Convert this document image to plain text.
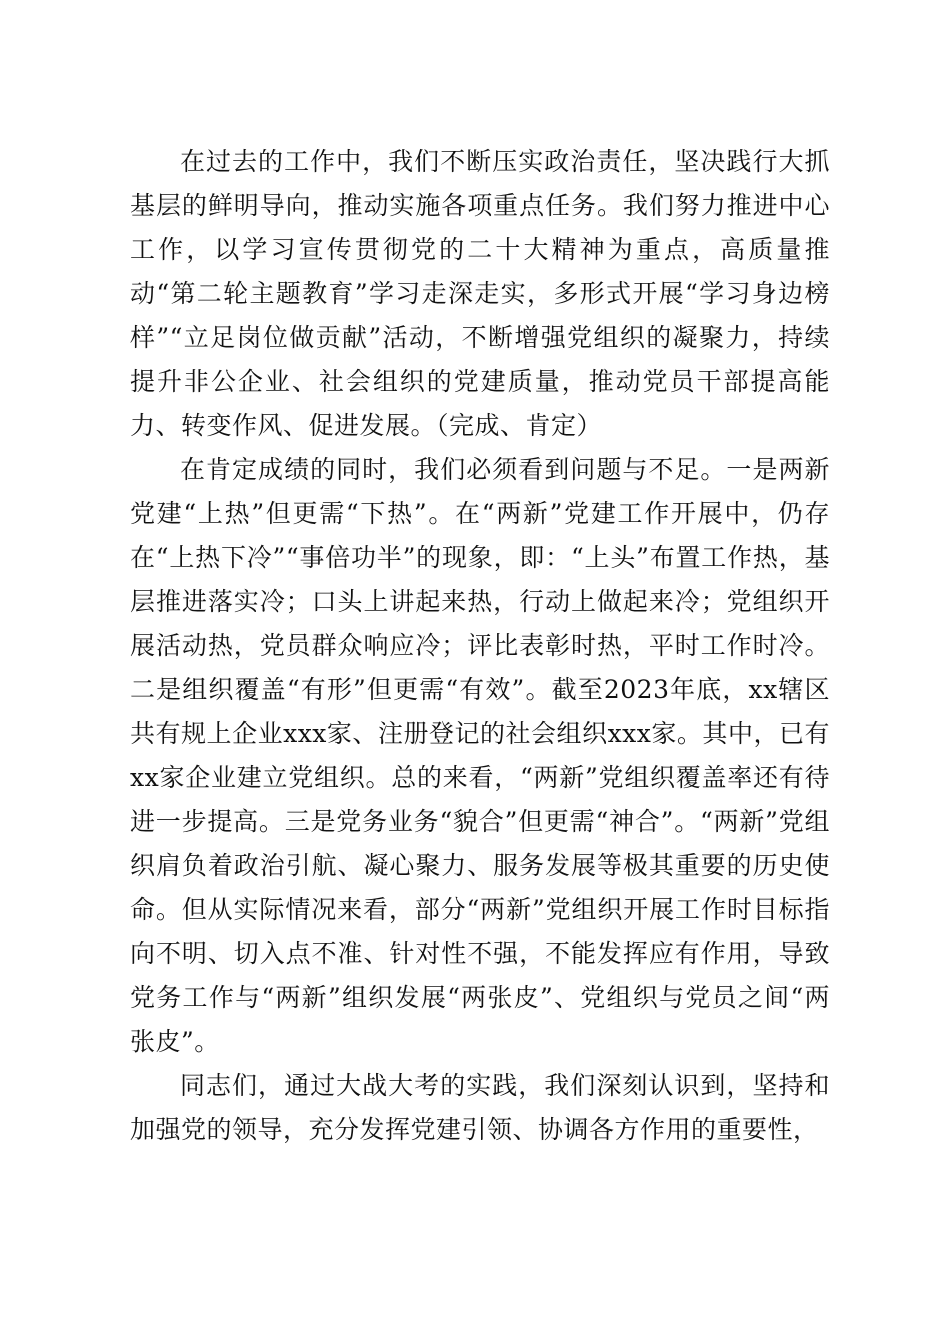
在过去的工作中，我们不断压实政治责任，坚决践行大抓基层的鲜明导向，推动实施各项重点任务。我们努力推进中心工作，以学习宣传贯彻党的二十大精神为重点，高质量推动“第二轮主题教育”学习走深走实，多形式开展“学习身边榜样”“立足岗位做贡献”活动，不断增强党组织的凝聚力，持续提升非公企业、社会组织的党建质量，推动党员干部提高能力、转变作风、促进发展。（完成、肯定）

在肯定成绩的同时，我们必须看到问题与不足。一是两新党建“上热”但更需“下热”。在“两新”党建工作开展中，仍存在“上热下冷”“事倍功半”的现象，即：“上头”布置工作热，基层推进落实冷；口头上讲起来热，行动上做起来冷；党组织开展活动热，党员群众响应冷；评比表彰时热，平时工作时冷。二是组织覆盖“有形”但更需“有效”。截至2023年底，xx辖区共有规上企业xxx家、注册登记的社会组织xxx家。其中，已有xx家企业建立党组织。总的来看，“两新”党组织覆盖率还有待进一步提高。三是党务业务“貌合”但更需“神合”。“两新”党组织肩负着政治引航、凝心聚力、服务发展等极其重要的历史使命。但从实际情况来看，部分“两新”党组织开展工作时目标指向不明、切入点不准、针对性不强，不能发挥应有作用，导致党务工作与“两新”组织发展“两张皮”、党组织与党员之间“两张皮”。

同志们，通过大战大考的实践，我们深刻认识到，坚持和加强党的领导，充分发挥党建引领、协调各方作用的重要性，
